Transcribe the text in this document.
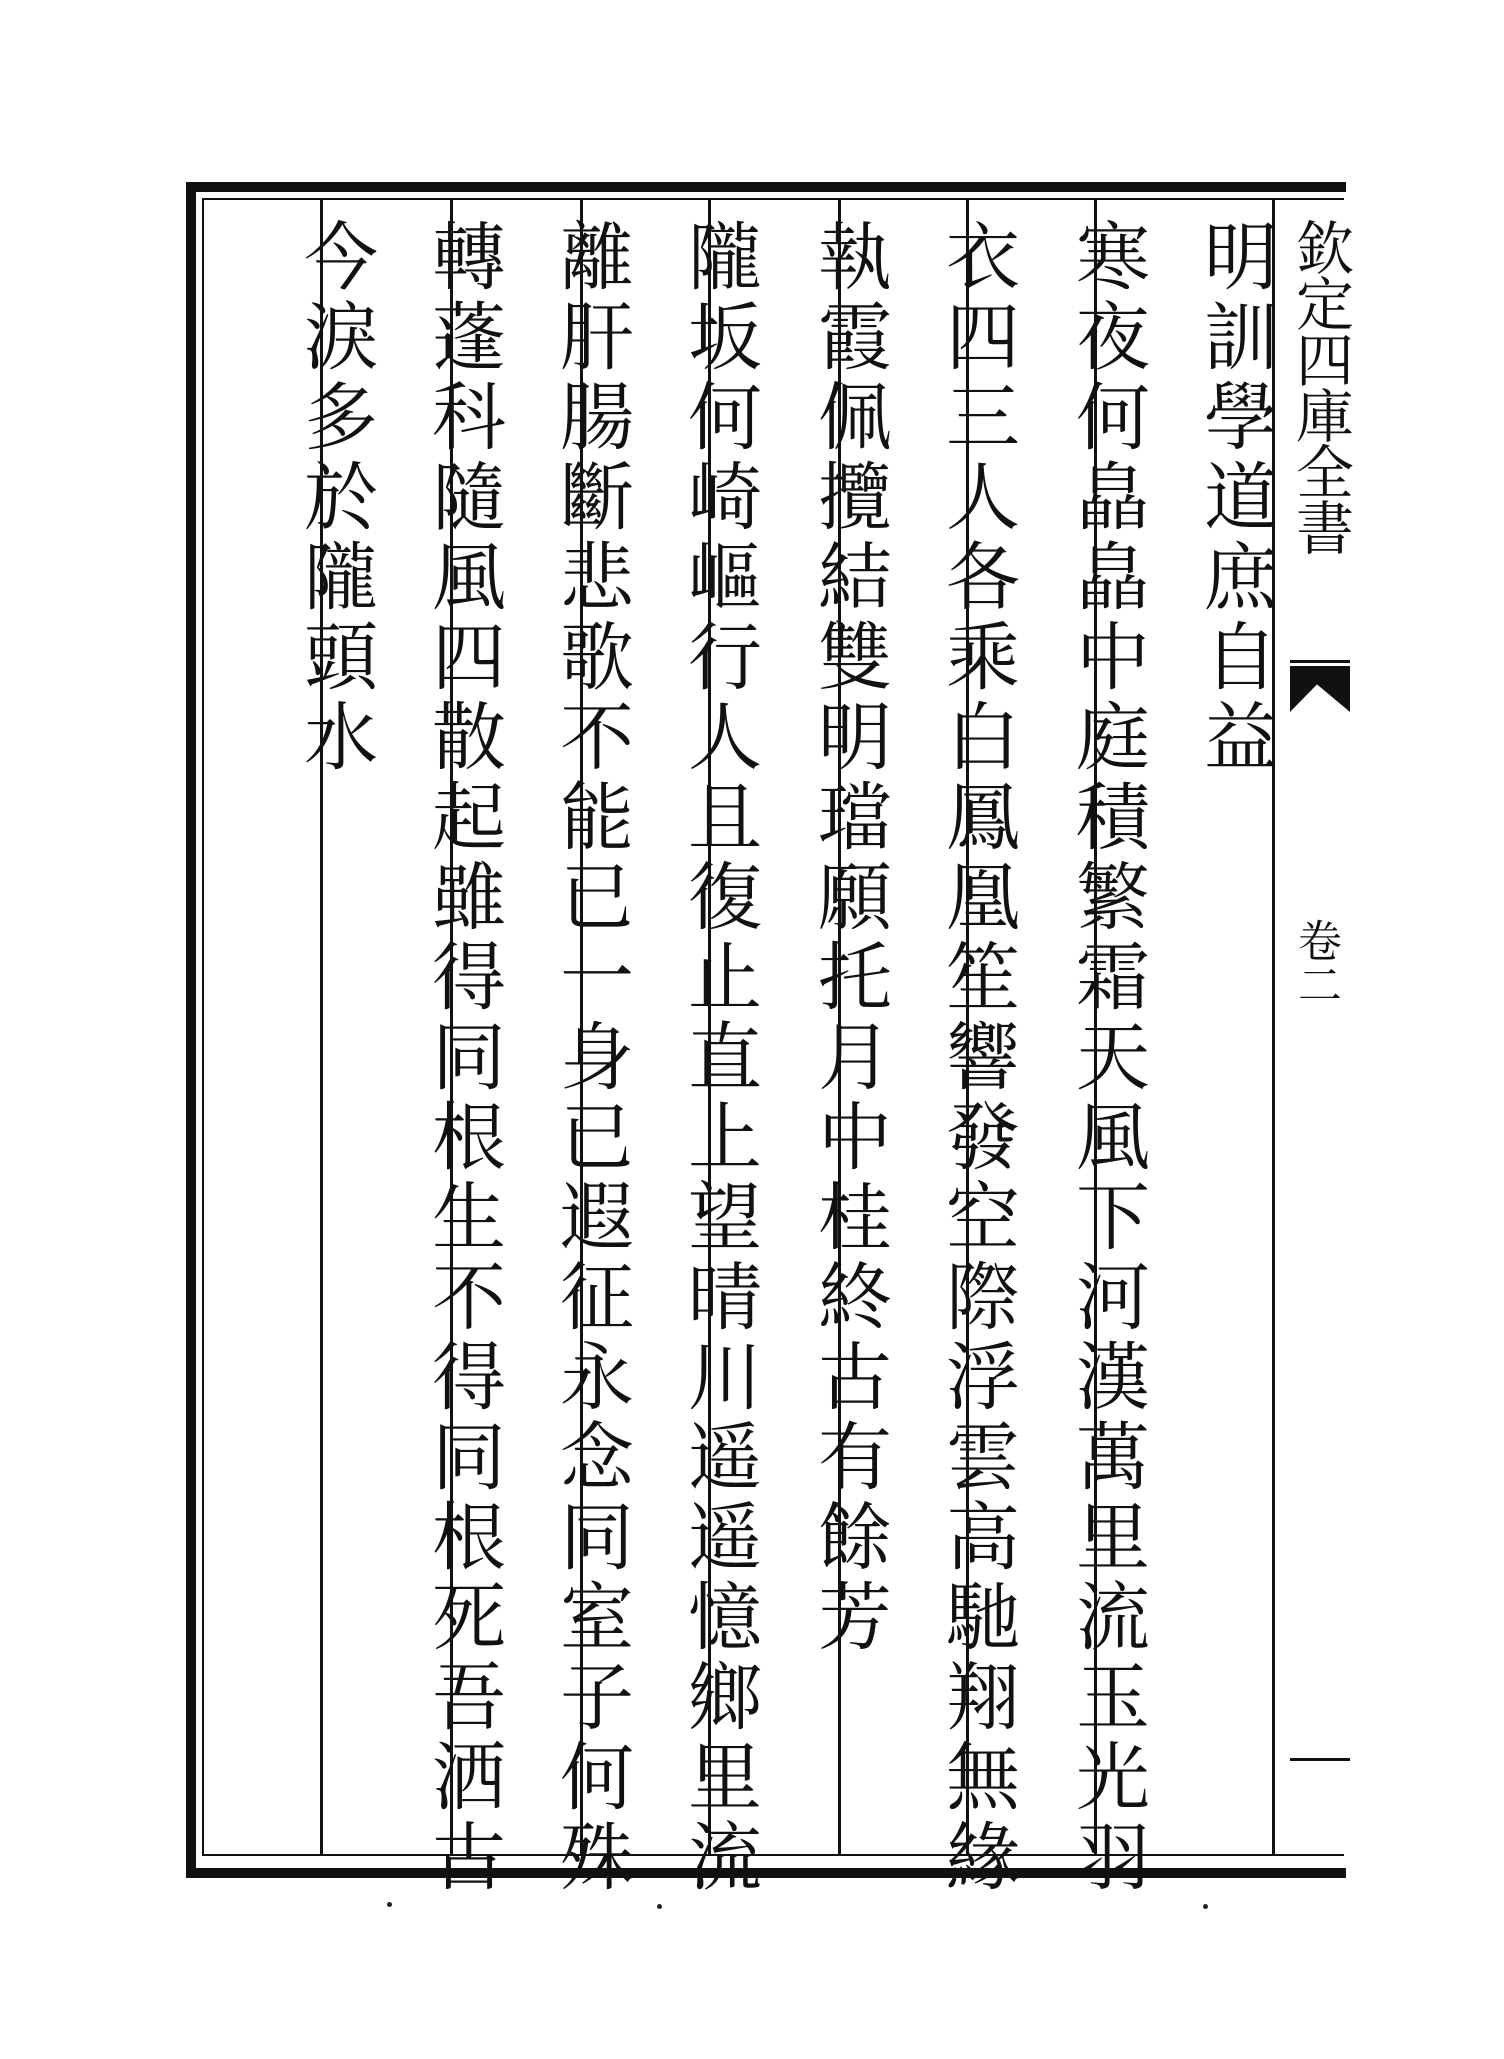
明訓學道庶自益
寒夜何皛皛中庭積繁霜天風下河漢萬里流玉光羽
衣四三人各乘白鳳凰笙響發空際浮雲高馳翔無緣
執霞佩攬結雙明璫願托月中桂終古有餘芳
隴坂何崎嶇行人且復止直上望晴川遥遥憶鄉里流
離肝腸斷悲歌不能已一身已遐征永念同室子何殊
轉蓬科隨風四散起雖得同根生不得同根死吾洒古
今淚多於隴頭水	欽定四庫全書
卷二
